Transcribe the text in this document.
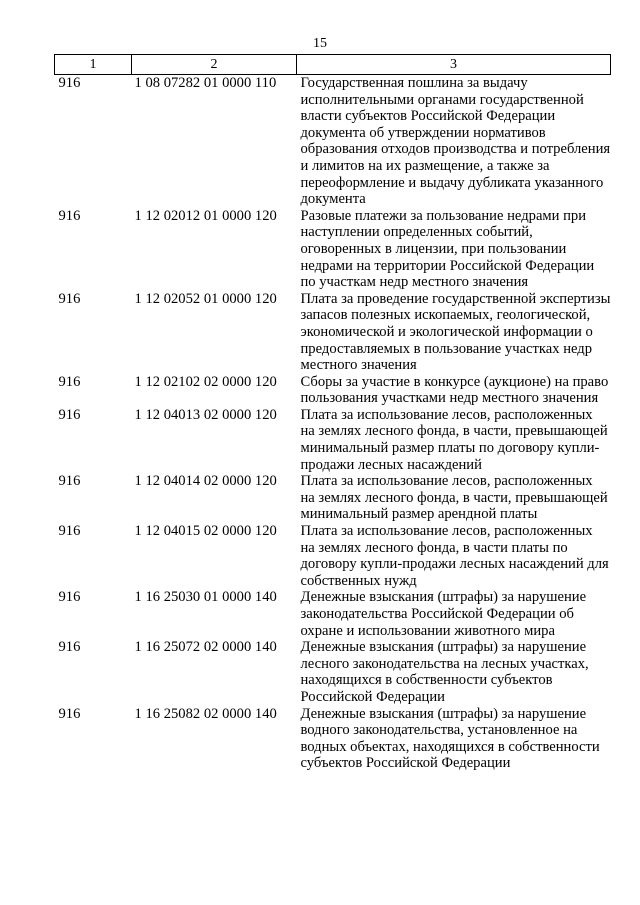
15
1	2	3
916	1 08 07282 01 0000 110	Государственная пошлина за выдачу исполнительными органами государственной власти субъектов Российской Федерации документа об утверждении нормативов образования отходов производства и потребления и лимитов на их размещение, а также за переоформление и выдачу дубликата указанного документа
916	1 12 02012 01 0000 120	Разовые платежи за пользование недрами при наступлении определенных событий, оговоренных в лицензии, при пользовании недрами на территории Российской Федерации по участкам недр местного значения
916	1 12 02052 01 0000 120	Плата за проведение государственной экспертизы запасов полезных ископаемых, геологической, экономической и экологической информации о предоставляемых в пользование участках недр местного значения
916	1 12 02102 02 0000 120	Сборы за участие в конкурсе (аукционе) на право пользования участками недр местного значения
916	1 12 04013 02 0000 120	Плата за использование лесов, расположенных на землях лесного фонда, в части, превышающей минимальный размер платы по договору купли-продажи лесных насаждений
916	1 12 04014 02 0000 120	Плата за использование лесов, расположенных на землях лесного фонда, в части, превышающей минимальный размер арендной платы
916	1 12 04015 02 0000 120	Плата за использование лесов, расположенных на землях лесного фонда, в части платы по договору купли-продажи лесных насаждений для собственных нужд
916	1 16 25030 01 0000 140	Денежные взыскания (штрафы) за нарушение законодательства Российской Федерации об охране и использовании животного мира
916	1 16 25072 02 0000 140	Денежные взыскания (штрафы) за нарушение лесного законодательства на лесных участках, находящихся в собственности субъектов Российской Федерации
916	1 16 25082 02 0000 140	Денежные взыскания (штрафы) за нарушение водного законодательства, установленное на водных объектах, находящихся в собственности субъектов Российской Федерации
